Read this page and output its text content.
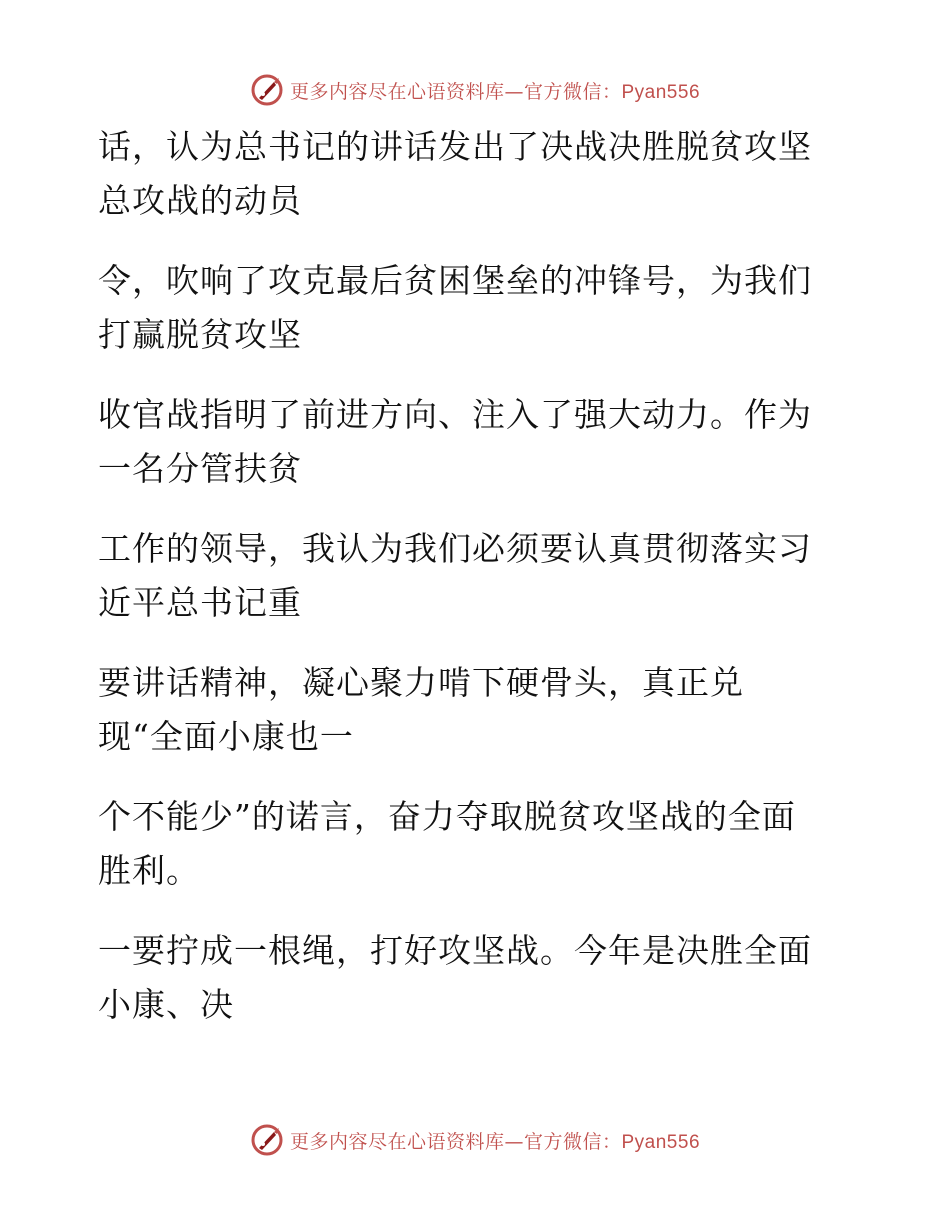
更多内容尽在心语资料库—官方微信：Pyan556

话，认为总书记的讲话发出了决战决胜脱贫攻坚
总攻战的动员

令，吹响了攻克最后贫困堡垒的冲锋号，为我们
打赢脱贫攻坚

收官战指明了前进方向、注入了强大动力。作为
一名分管扶贫

工作的领导，我认为我们必须要认真贯彻落实习
近平总书记重

要讲话精神，凝心聚力啃下硬骨头，真正兑
现“全面小康也一

个不能少”的诺言，奋力夺取脱贫攻坚战的全面
胜利。

一要拧成一根绳，打好攻坚战。今年是决胜全面
小康、决

更多内容尽在心语资料库—官方微信：Pyan556
